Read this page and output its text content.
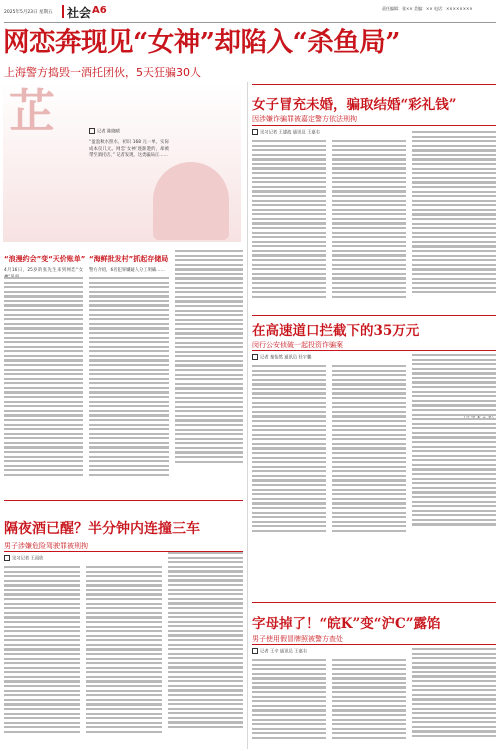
2025年5月23日 星期五 社会 A6	责任编辑：张×× 美编：×× 电话：××××××××
网恋奔现见“女神”却陷入“杀鱼局”
上海警方捣毁一酒托团伙，5天狂骗30人
芷	记者 陈晓晴
“盈盈秋水照水，初识 168 元一单，实际成本仅几元。网恋‘女神’逐渐邀约，却被带至酒托店。” 记者发现，这类骗局正……
“浪漫约会”变“天价账单” “海鲜批发村”抓起存储局
4月16日，25岁的张先生来到网恋“女 警方介绍，6名犯罪嫌疑人分工明确……
女子冒充未婚，骗取结婚“彩礼钱”
因涉嫌诈骗罪被嘉定警方依法刑拘
见习记者 王建波 通讯员 王嘉韦
在高速道口拦截下的35万元
闵行公安侦破一起投资诈骗案
记者 秦怡然 通讯员 杜宇鹏
隔夜酒已醒？半分钟内连撞三车
男子涉嫌危险驾驶罪被刑拘
见习记者 王雨欣
字母掉了！“皖K”变“沪C”露馅
男子使用假冒牌照被警方查处
记者 王辛 通讯员 王嘉韦
